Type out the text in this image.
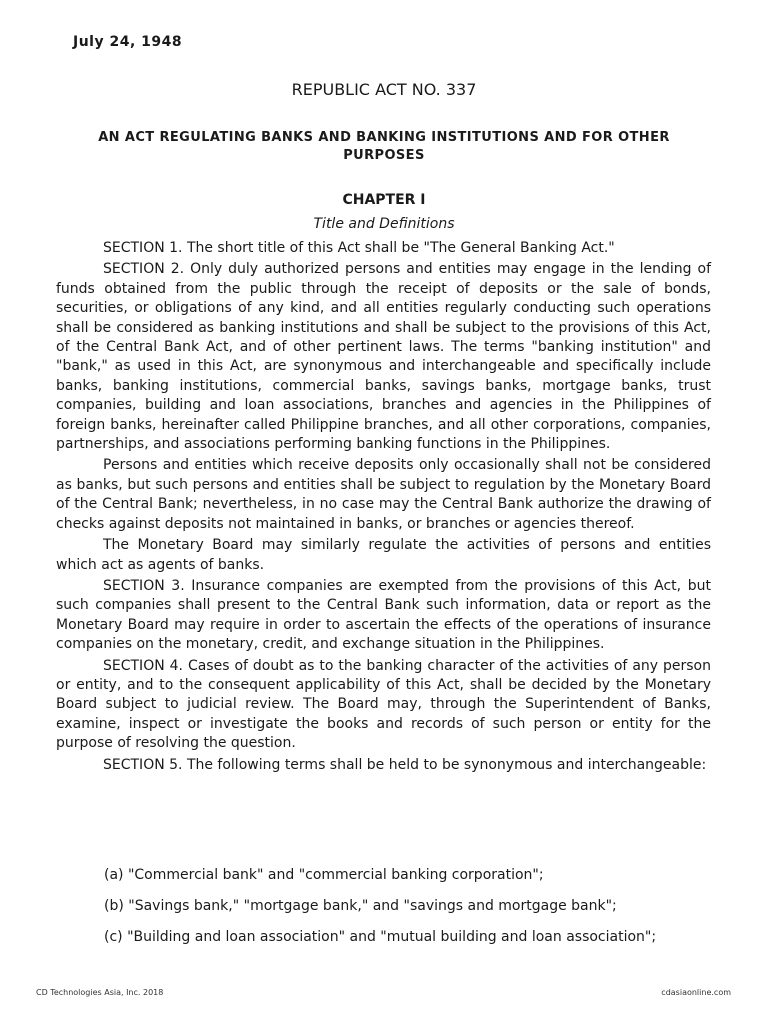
July 24, 1948
REPUBLIC ACT NO. 337
AN ACT REGULATING BANKS AND BANKING INSTITUTIONS AND FOR OTHER PURPOSES
CHAPTER I
Title and Definitions

SECTION 1. The short title of this Act shall be "The General Banking Act."

SECTION 2. Only duly authorized persons and entities may engage in the lending of funds obtained from the public through the receipt of deposits or the sale of bonds, securities, or obligations of any kind, and all entities regularly conducting such operations shall be considered as banking institutions and shall be subject to the provisions of this Act, of the Central Bank Act, and of other pertinent laws. The terms "banking institution" and "bank," as used in this Act, are synonymous and interchangeable and specifically include banks, banking institutions, commercial banks, savings banks, mortgage banks, trust companies, building and loan associations, branches and agencies in the Philippines of foreign banks, hereinafter called Philippine branches, and all other corporations, companies, partnerships, and associations performing banking functions in the Philippines.

Persons and entities which receive deposits only occasionally shall not be considered as banks, but such persons and entities shall be subject to regulation by the Monetary Board of the Central Bank; nevertheless, in no case may the Central Bank authorize the drawing of checks against deposits not maintained in banks, or branches or agencies thereof.

The Monetary Board may similarly regulate the activities of persons and entities which act as agents of banks.

SECTION 3. Insurance companies are exempted from the provisions of this Act, but such companies shall present to the Central Bank such information, data or report as the Monetary Board may require in order to ascertain the effects of the operations of insurance companies on the monetary, credit, and exchange situation in the Philippines.

SECTION 4. Cases of doubt as to the banking character of the activities of any person or entity, and to the consequent applicability of this Act, shall be decided by the Monetary Board subject to judicial review. The Board may, through the Superintendent of Banks, examine, inspect or investigate the books and records of such person or entity for the purpose of resolving the question.

SECTION 5. The following terms shall be held to be synonymous and interchangeable:

(a) "Commercial bank" and "commercial banking corporation";
(b) "Savings bank," "mortgage bank," and "savings and mortgage bank";
(c) "Building and loan association" and "mutual building and loan association";
CD Technologies Asia, Inc. 2018	cdasiaonline.com
